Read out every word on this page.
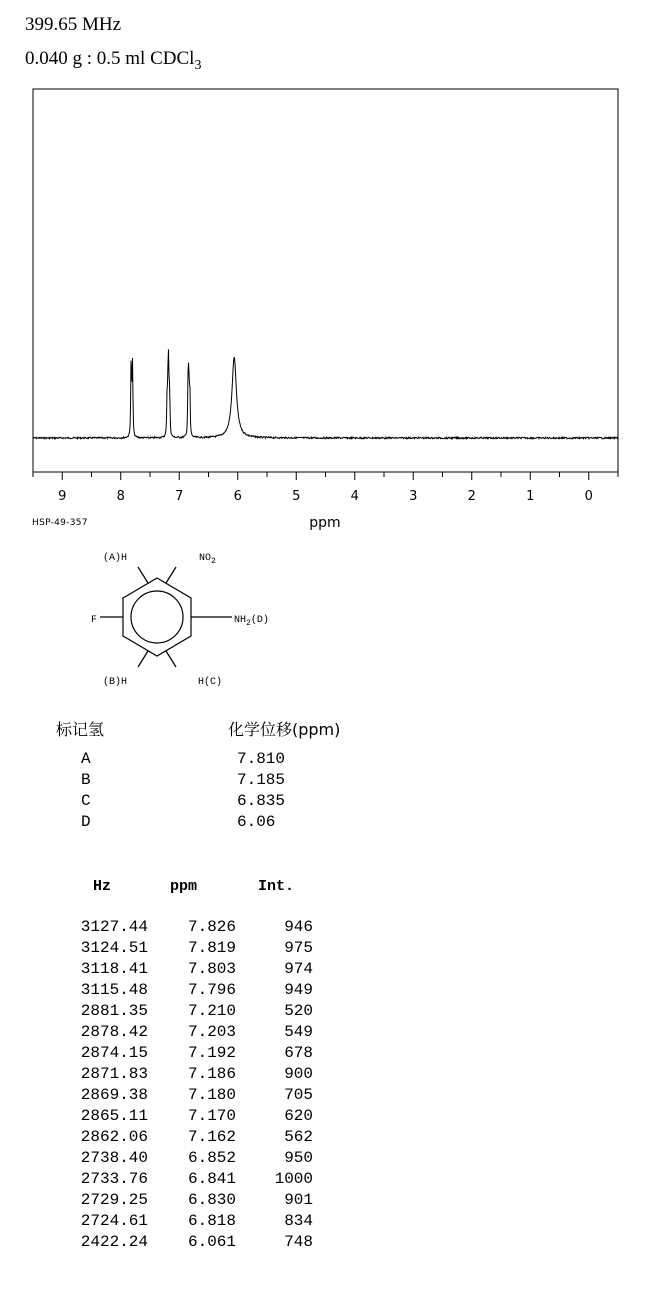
399.65 MHz
0.040 g : 0.5 ml CDCl$_3$
9	8	7	6	5	4	3	2	1	0
ppm
HSP-49-357
(A)H	$NO_2$
F	$NH_2(D)$
(B)H	H(C)
标记氢	化学位移(ppm)
A	7.810
B	7.185
C	6.835
D	6.06
Hz	ppm	Int.
3127.44	7.826	946
3124.51	7.819	975
3118.41	7.803	974
3115.48	7.796	949
2881.35	7.210	520
2878.42	7.203	549
2874.15	7.192	678
2871.83	7.186	900
2869.38	7.180	705
2865.11	7.170	620
2862.06	7.162	562
2738.40	6.852	950
2733.76	6.841	1000
2729.25	6.830	901
2724.61	6.818	834
2422.24	6.061	748
